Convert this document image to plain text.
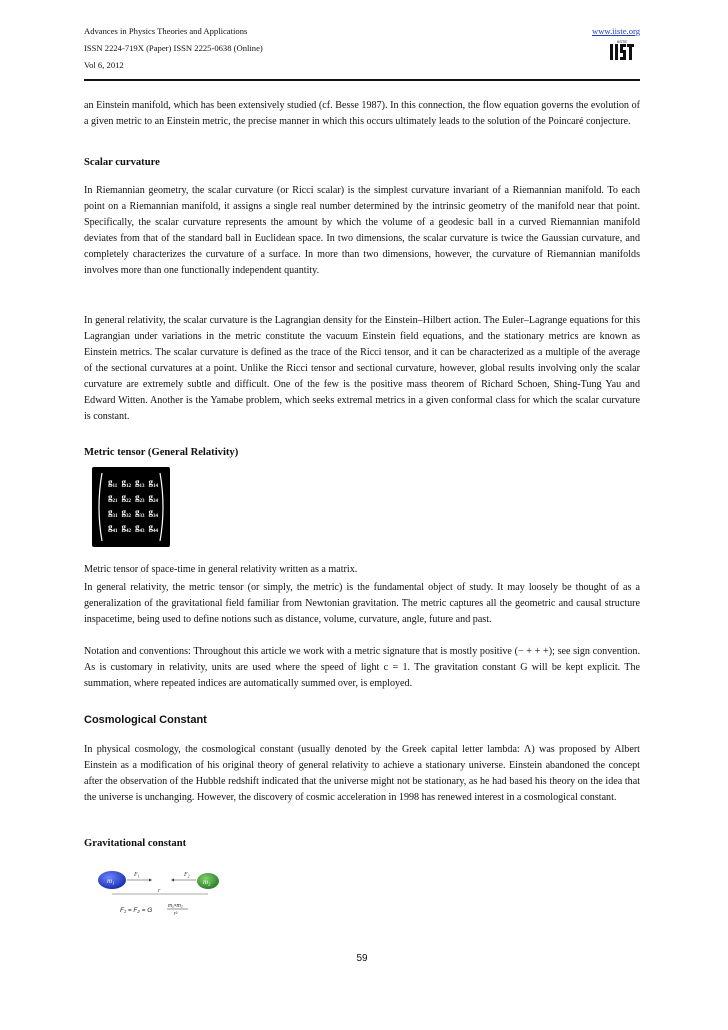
Advances in Physics Theories and Applications
ISSN 2224-719X (Paper) ISSN 2225-0638 (Online)
Vol 6, 2012
www.iiste.org
IISTE

an Einstein manifold, which has been extensively studied (cf. Besse 1987). In this connection, the flow equation governs the evolution of a given metric to an Einstein metric, the precise manner in which this occurs ultimately leads to the solution of the Poincaré conjecture.

Scalar curvature

In Riemannian geometry, the scalar curvature (or Ricci scalar) is the simplest curvature invariant of a Riemannian manifold. To each point on a Riemannian manifold, it assigns a single real number determined by the intrinsic geometry of the manifold near that point. Specifically, the scalar curvature represents the amount by which the volume of a geodesic ball in a curved Riemannian manifold deviates from that of the standard ball in Euclidean space. In two dimensions, the scalar curvature is twice the Gaussian curvature, and completely characterizes the curvature of a surface. In more than two dimensions, however, the curvature of Riemannian manifolds involves more than one functionally independent quantity.

In general relativity, the scalar curvature is the Lagrangian density for the Einstein–Hilbert action. The Euler–Lagrange equations for this Lagrangian under variations in the metric constitute the vacuum Einstein field equations, and the stationary metrics are known as Einstein metrics. The scalar curvature is defined as the trace of the Ricci tensor, and it can be characterized as a multiple of the average of the sectional curvatures at a point. Unlike the Ricci tensor and sectional curvature, however, global results involving only the scalar curvature are extremely subtle and difficult. One of the few is the positive mass theorem of Richard Schoen, Shing-Tung Yau and Edward Witten. Another is the Yamabe problem, which seeks extremal metrics in a given conformal class for which the scalar curvature is constant.

Metric tensor (General Relativity)

$g_{11}$ $g_{12}$ $g_{13}$ $g_{14}$
$g_{21}$ $g_{22}$ $g_{23}$ $g_{24}$
$g_{31}$ $g_{32}$ $g_{33}$ $g_{34}$
$g_{41}$ $g_{42}$ $g_{43}$ $g_{44}$

Metric tensor of space-time in general relativity written as a matrix.

In general relativity, the metric tensor (or simply, the metric) is the fundamental object of study. It may loosely be thought of as a generalization of the gravitational field familiar from Newtonian gravitation. The metric captures all the geometric and causal structure inspacetime, being used to define notions such as distance, volume, curvature, angle, future and past.

Notation and conventions: Throughout this article we work with a metric signature that is mostly positive (− + + +); see sign convention. As is customary in relativity, units are used where the speed of light c = 1. The gravitation constant G will be kept explicit. The summation, where repeated indices are automatically summed over, is employed.

Cosmological Constant

In physical cosmology, the cosmological constant (usually denoted by the Greek capital letter lambda: Λ) was proposed by Albert Einstein as a modification of his original theory of general relativity to achieve a stationary universe. Einstein abandoned the concept after the observation of the Hubble redshift indicated that the universe might not be stationary, as he had based his theory on the idea that the universe is unchanging. However, the discovery of cosmic acceleration in 1998 has renewed interest in a cosmological constant.

Gravitational constant

$m_1$	$m_2$
$F_1$	$F_2$
r
F₁ = F₂ = G
m₁×m₂
r²
59
